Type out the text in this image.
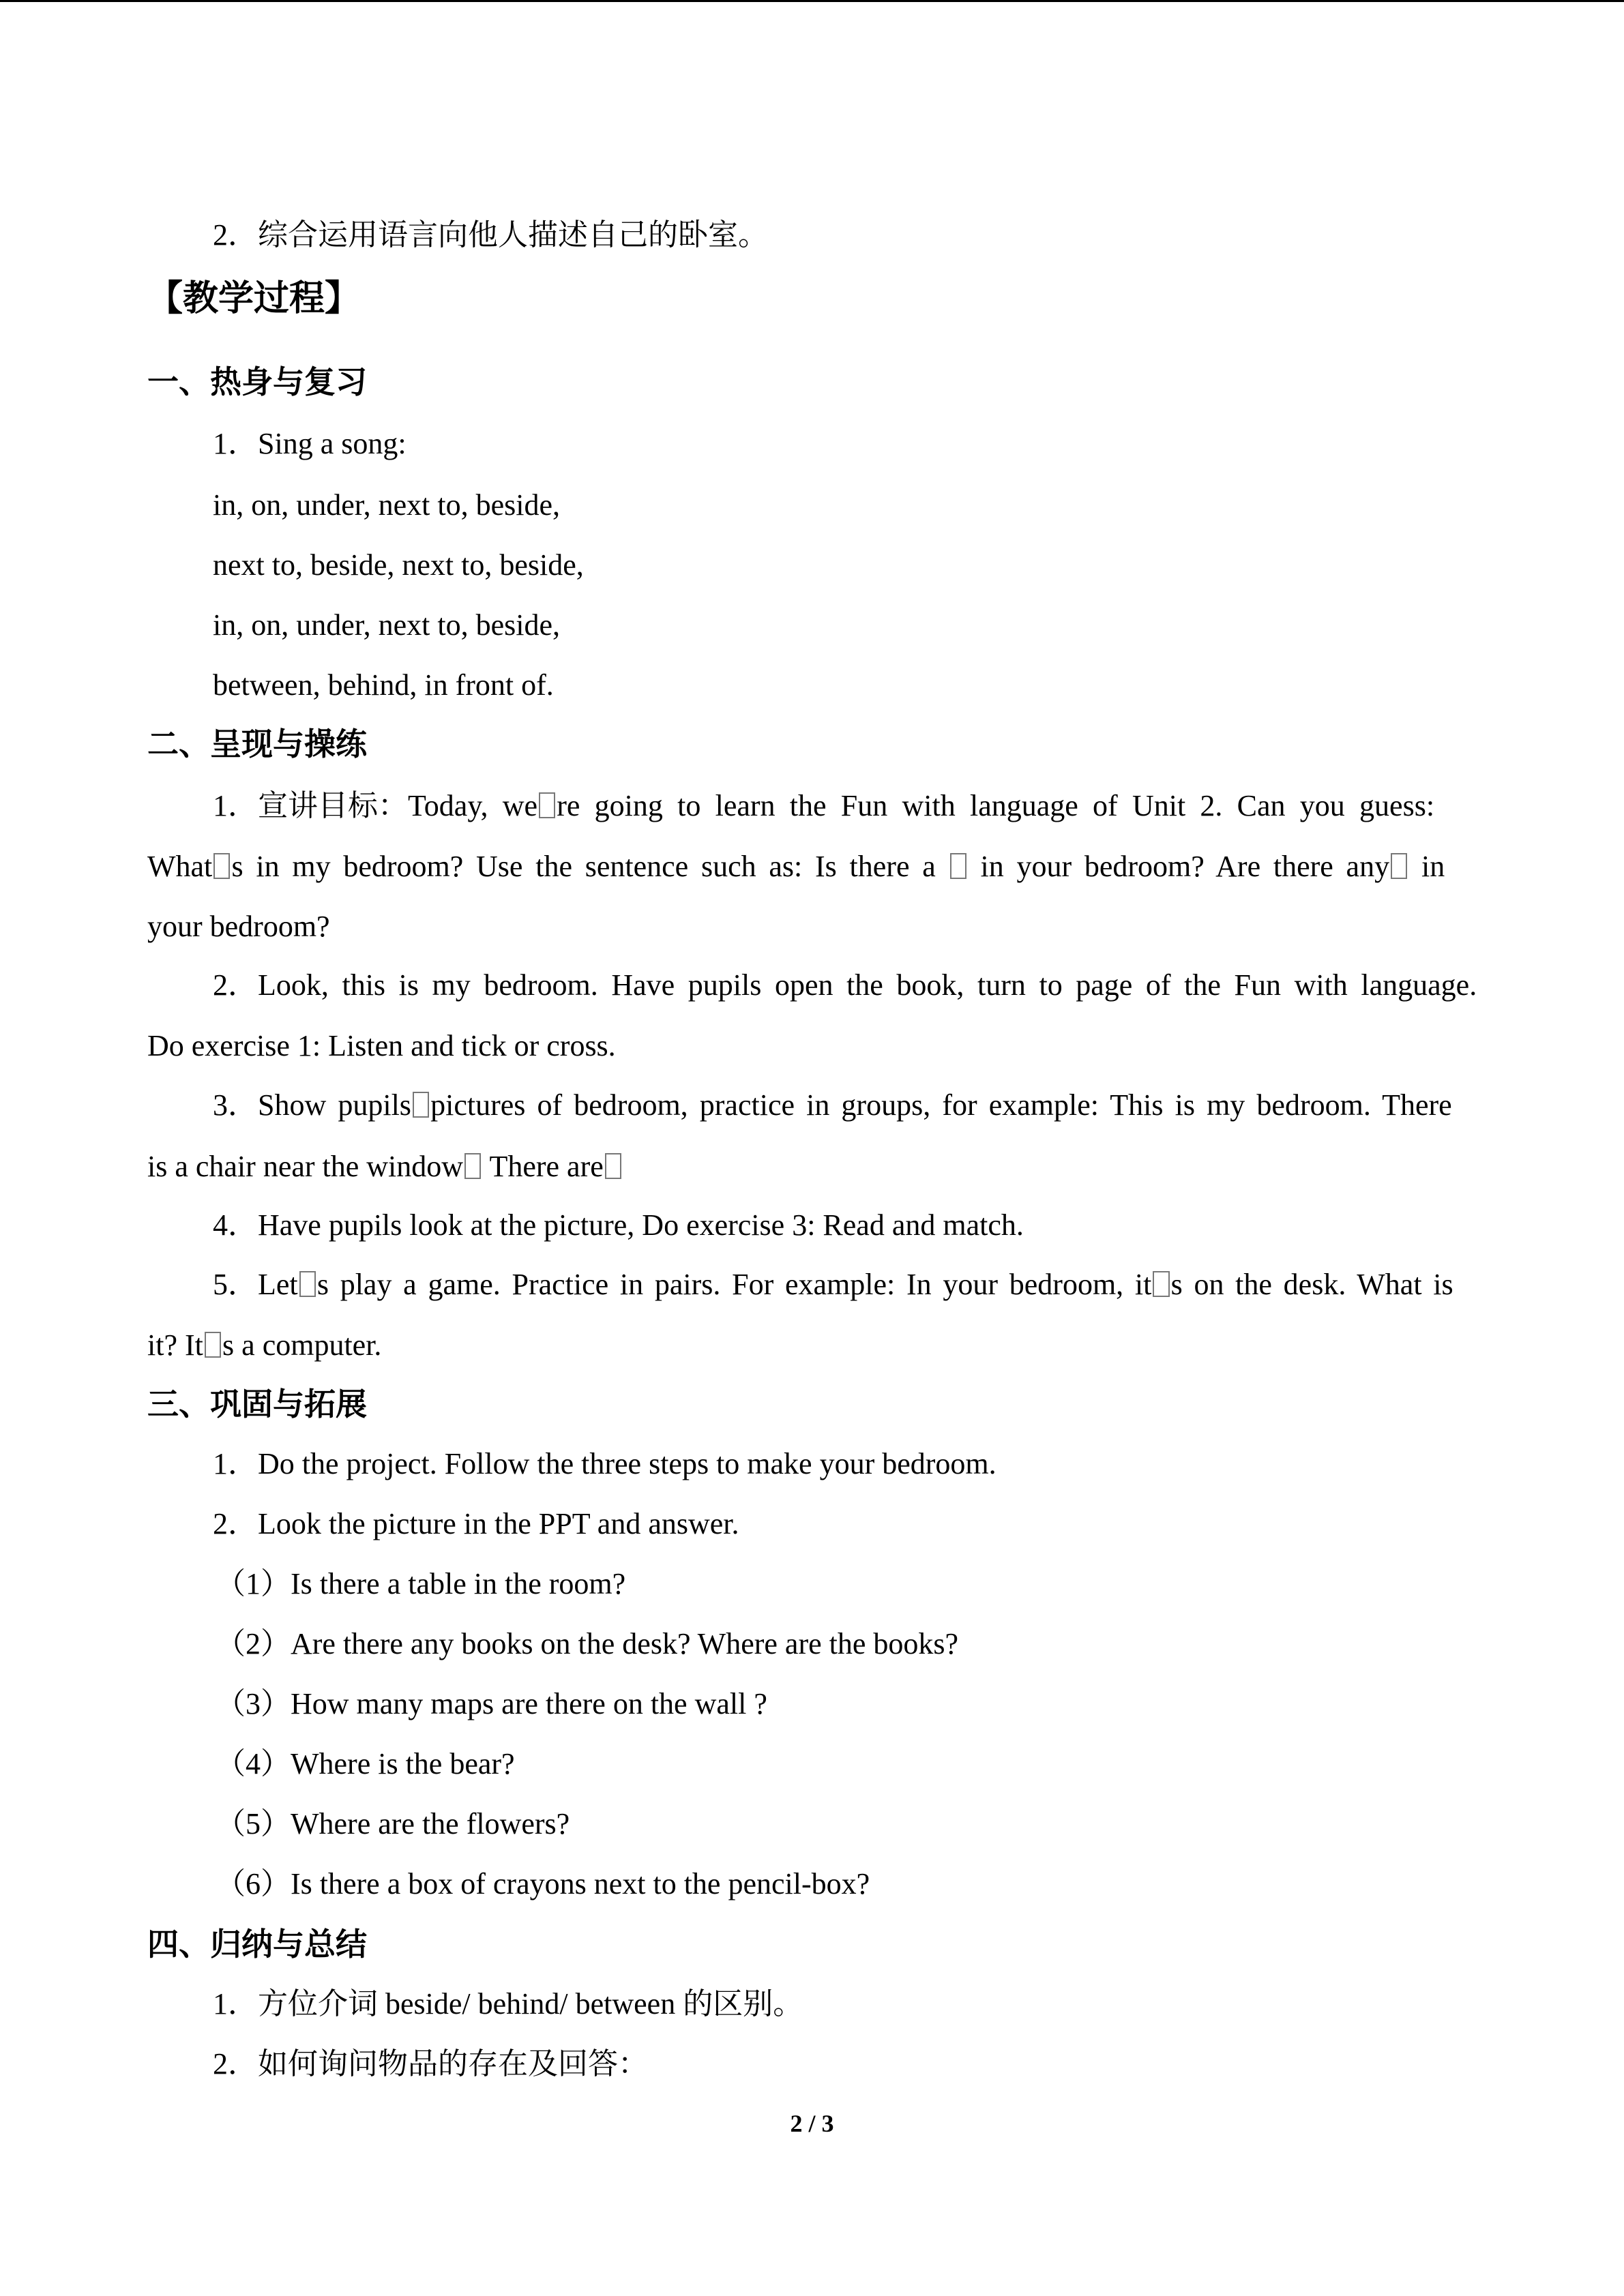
2．综合运用语言向他人描述自己的卧室。
【教学过程】
一、热身与复习
1．Sing a song:
in, on, under, next to, beside,
next to, beside, next to, beside,
in, on, under, next to, beside,
between, behind, in front of.
二、呈现与操练
1．宣讲目标：Today, we re going to learn the Fun with language of Unit 2. Can you guess:
What s in my bedroom? Use the sentence such as: Is there a  in your bedroom? Are there any in
your bedroom?
2．Look, this is my bedroom. Have pupils open the book, turn to page of the Fun with language.
Do exercise 1: Listen and tick or cross.
3．Show pupils pictures of bedroom, practice in groups, for example: This is my bedroom. There
is a chair near the window There are
4．Have pupils look at the picture, Do exercise 3: Read and match.
5．Let s play a game. Practice in pairs. For example: In your bedroom, it s on the desk. What is
it? It s a computer.
三、巩固与拓展
1．Do the project. Follow the three steps to make your bedroom.
2．Look the picture in the PPT and answer.
（1）Is there a table in the room?
（2）Are there any books on the desk? Where are the books?
（3）How many maps are there on the wall ?
（4）Where is the bear?
（5）Where are the flowers?
（6）Is there a box of crayons next to the pencil-box?
四、归纳与总结
1．方位介词 beside/ behind/ between 的区别。
2．如何询问物品的存在及回答：
2 / 3
